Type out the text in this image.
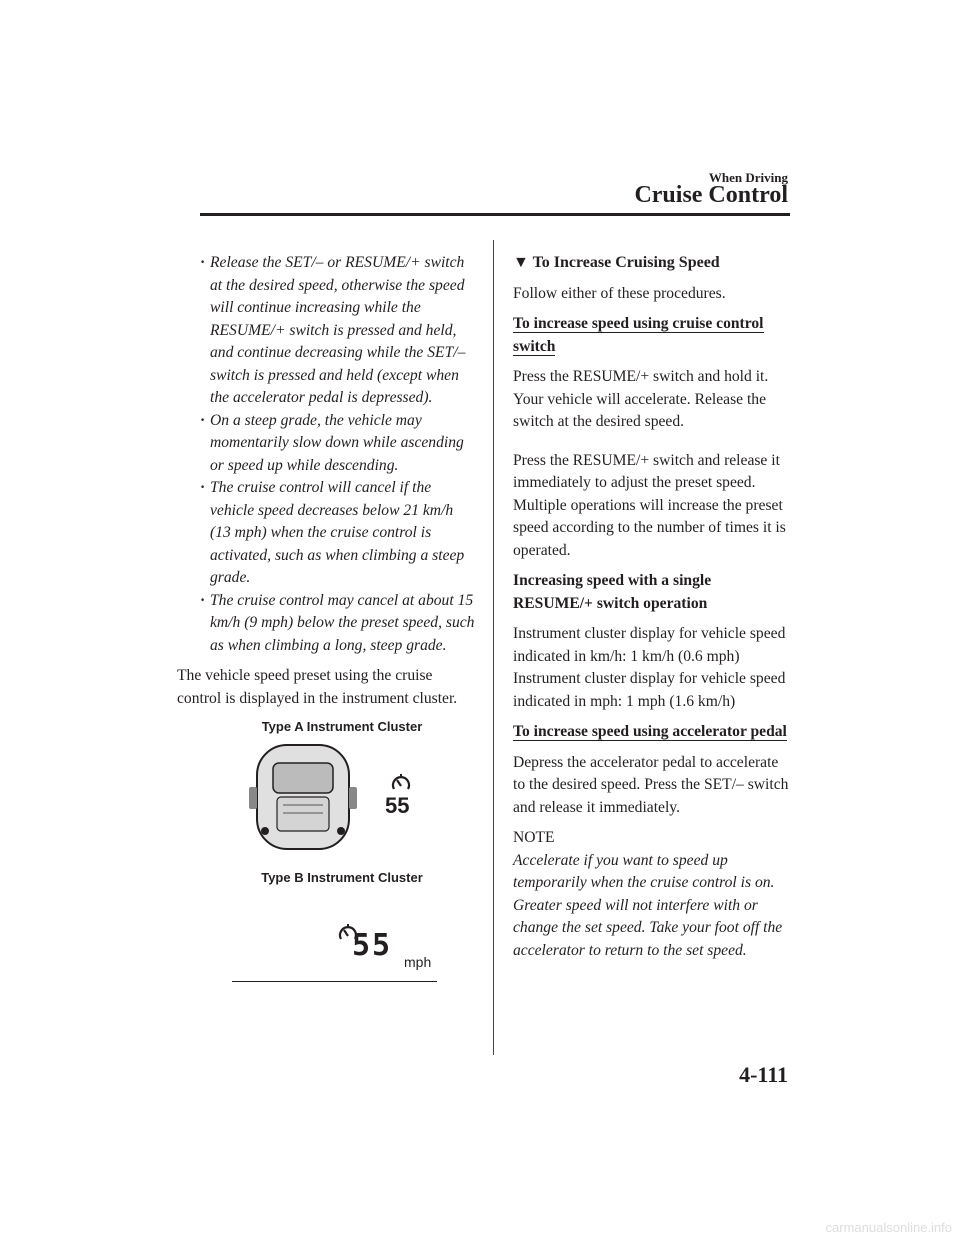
When Driving
Cruise Control

· Release the SET/– or RESUME/+ switch at the desired speed, otherwise the speed will continue increasing while the RESUME/+ switch is pressed and held, and continue decreasing while the SET/– switch is pressed and held (except when the accelerator pedal is depressed).

· On a steep grade, the vehicle may momentarily slow down while ascending or speed up while descending.

· The cruise control will cancel if the vehicle speed decreases below 21 km/h (13 mph) when the cruise control is activated, such as when climbing a steep grade.

· The cruise control may cancel at about 15 km/h (9 mph) below the preset speed, such as when climbing a long, steep grade.

The vehicle speed preset using the cruise control is displayed in the instrument cluster.

Type A Instrument Cluster
55
Type B Instrument Cluster
55 mph

▼ To Increase Cruising Speed

Follow either of these procedures.

To increase speed using cruise control switch

Press the RESUME/+ switch and hold it. Your vehicle will accelerate. Release the switch at the desired speed.

Press the RESUME/+ switch and release it immediately to adjust the preset speed. Multiple operations will increase the preset speed according to the number of times it is operated.

Increasing speed with a single RESUME/+ switch operation

Instrument cluster display for vehicle speed indicated in km/h: 1 km/h (0.6 mph)

Instrument cluster display for vehicle speed indicated in mph: 1 mph (1.6 km/h)

To increase speed using accelerator pedal

Depress the accelerator pedal to accelerate to the desired speed. Press the SET/– switch and release it immediately.

NOTE

Accelerate if you want to speed up temporarily when the cruise control is on. Greater speed will not interfere with or change the set speed. Take your foot off the accelerator to return to the set speed.

4-111
carmanualsonline.info
